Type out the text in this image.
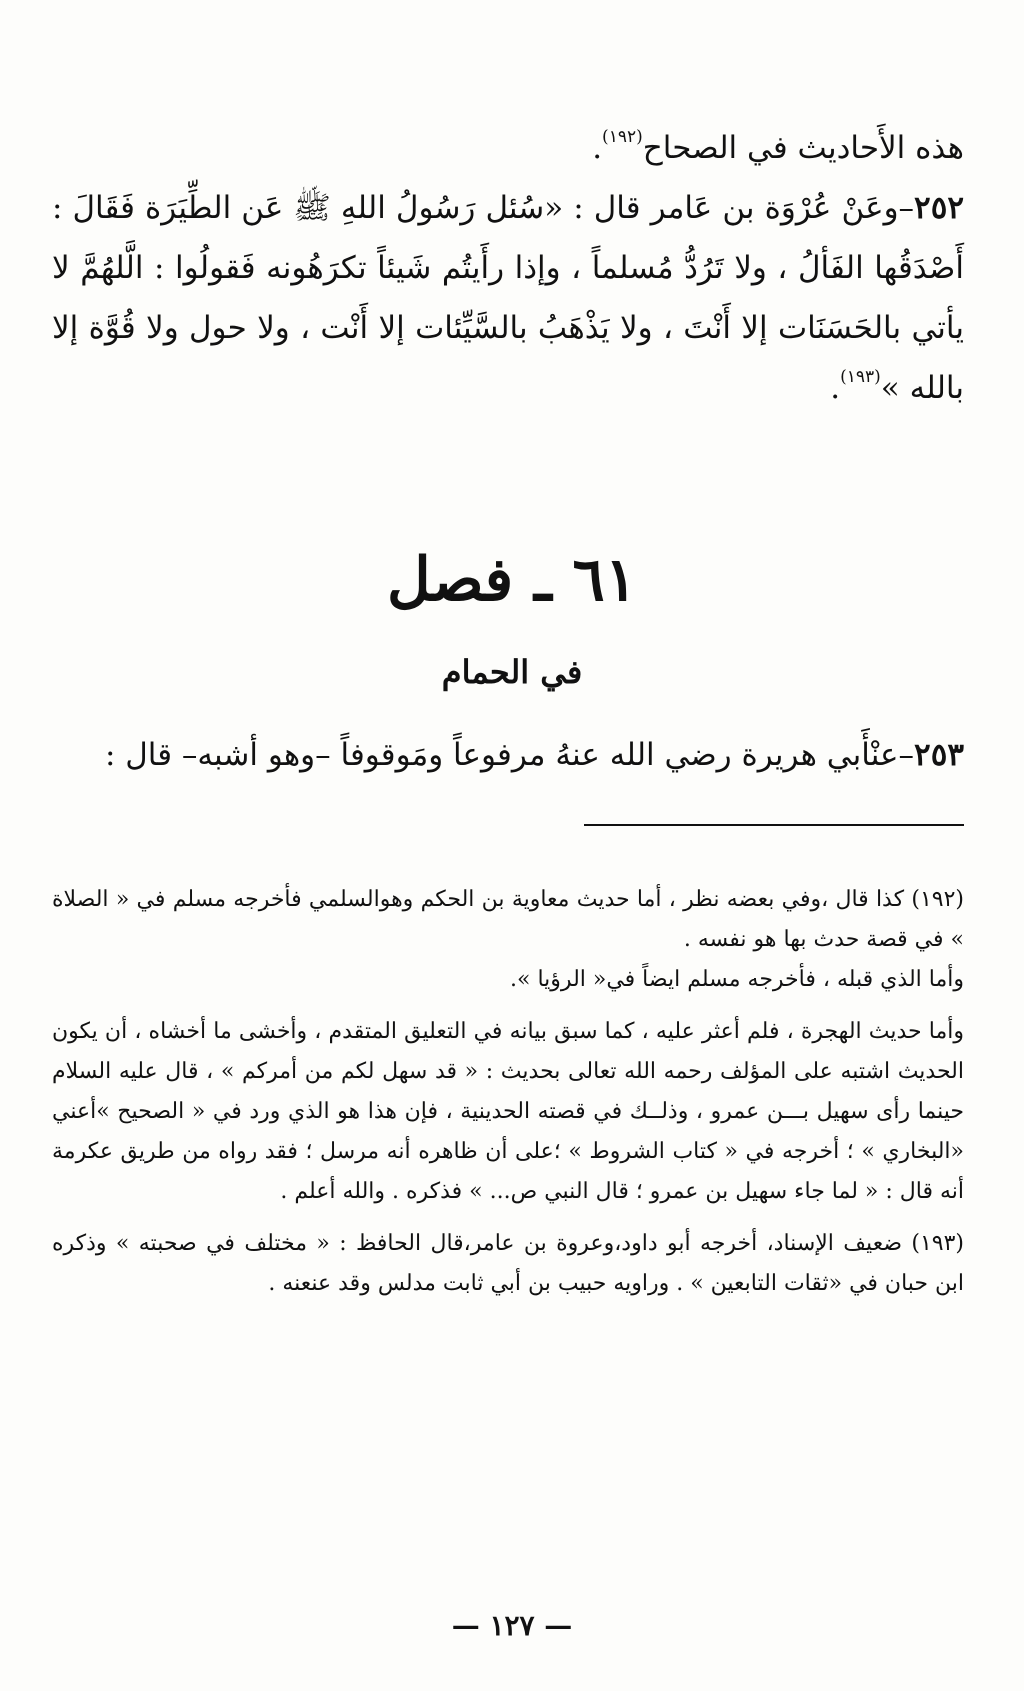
هذه الأَحاديث في الصحاح$^{(١٩٢)}$.

٢٥٢–وعَنْ عُرْوَة بن عَامر قال : «سُئل رَسُولُ اللهِ ﷺ عَن الطِّيَرَة فَقَالَ : أَصْدَقُها الفَألُ ، ولا تَرُدُّ مُسلماً ، وإذا رأَيتُم شَيئاً تكرَهُونه فَقولُوا : الَّلهُمَّ لا يأتي بالحَسَنَات إلا أَنْتَ ، ولا يَذْهَبُ بالسَّيِّئات إلا أَنْت ، ولا حول ولا قُوَّة إلا بالله »$^{(١٩٣)}$.

٦١ ـ فصل
في الحمام
٢٥٣–عنْأَبي هريرة رضي الله عنهُ مرفوعاً ومَوقوفاً –وهو أشبه– قال :

(١٩٢) كذا قال ،وفي بعضه نظر ، أما حديث معاوية بن الحكم وهوالسلمي فأخرجه مسلم في « الصلاة » في قصة حدث بها هو نفسه .

وأما الذي قبله ، فأخرجه مسلم ايضاً في« الرؤيا ».

وأما حديث الهجرة ، فلم أعثر عليه ، كما سبق بيانه في التعليق المتقدم ، وأخشى ما أخشاه ، أن يكون الحديث اشتبه على المؤلف رحمه الله تعالى بحديث : « قد سهل لكم من أمركم » ، قال عليه السلام حينما رأى سهيل بـــن عمرو ، وذلــك في قصته الحدينية ، فإن هذا هو الذي ورد في « الصحيح »أعني «البخاري » ؛ أخرجه في « كتاب الشروط » ؛على أن ظاهره أنه مرسل ؛ فقد رواه من طريق عكرمة أنه قال : « لما جاء سهيل بن عمرو ؛ قال النبي ص... » فذكره . والله أعلم .

(١٩٣) ضعيف الإسناد، أخرجه أبو داود،وعروة بن عامر،قال الحافظ : « مختلف في صحبته » وذكره ابن حبان في «ثقات التابعين » . وراويه حبيب بن أبي ثابت مدلس وقد عنعنه .

— ١٢٧ —
